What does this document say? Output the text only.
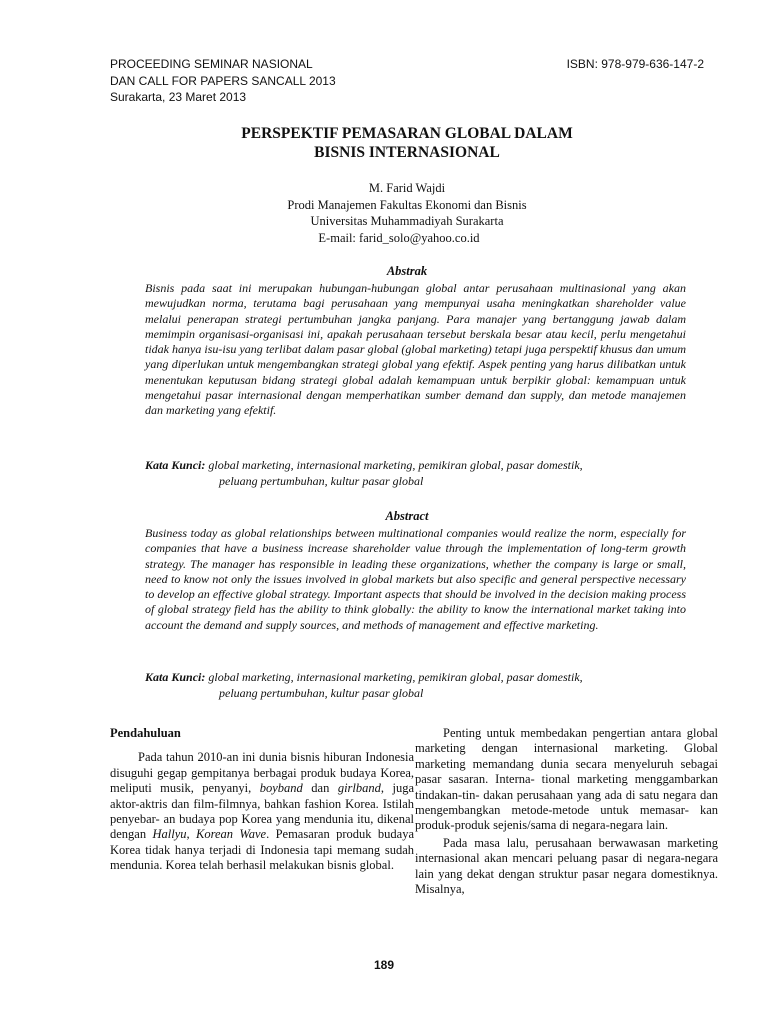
PROCEEDING SEMINAR NASIONAL
DAN CALL FOR PAPERS SANCALL 2013
Surakarta, 23 Maret 2013
ISBN: 978-979-636-147-2
PERSPEKTIF PEMASARAN GLOBAL DALAM
BISNIS INTERNASIONAL
M. Farid Wajdi
Prodi Manajemen Fakultas Ekonomi dan Bisnis
Universitas Muhammadiyah Surakarta
E-mail: farid_solo@yahoo.co.id
Abstrak
Bisnis pada saat ini merupakan hubungan-hubungan global antar perusahaan multinasional yang akan mewujudkan norma, terutama bagi perusahaan yang mempunyai usaha meningkatkan shareholder value melalui penerapan strategi pertumbuhan jangka panjang. Para manajer yang bertanggung jawab dalam memimpin organisasi-organisasi ini, apakah perusahaan tersebut berskala besar atau kecil, perlu mengetahui tidak hanya isu-isu yang terlibat dalam pasar global (global marketing) tetapi juga perspektif khusus dan umum yang diperlukan untuk mengembangkan strategi global yang efektif. Aspek penting yang harus dilibatkan untuk menentukan keputusan bidang strategi global adalah kemampuan untuk berpikir global: kemampuan untuk mengetahui pasar internasional dengan memperhatikan sumber demand dan supply, dan metode manajemen dan marketing yang efektif.
Kata Kunci: global marketing, internasional marketing, pemikiran global, pasar domestik,
peluang pertumbuhan, kultur pasar global
Abstract
Business today as global relationships between multinational companies would realize the norm, especially for companies that have a business increase shareholder value through the implementation of long-term growth strategy. The manager has responsible in leading these organizations, whether the company is large or small, need to know not only the issues involved in global markets but also specific and general perspective necessary to develop an effective global strategy. Important aspects that should be involved in the decision making process of global strategy field has the ability to think globally: the ability to know the international market taking into account the demand and supply sources, and methods of management and effective marketing.
Kata Kunci: global marketing, internasional marketing, pemikiran global, pasar domestik,
peluang pertumbuhan, kultur pasar global
Pendahuluan

Pada tahun 2010-an ini dunia bisnis hiburan Indonesia disuguhi gegap gempitanya berbagai produk budaya Korea, meliputi musik, penyanyi, boyband dan girlband, juga aktor-aktris dan film-filmnya, bahkan fashion Korea. Istilah penyebar- an budaya pop Korea yang mendunia itu, dikenal dengan Hallyu, Korean Wave. Pemasaran produk budaya Korea tidak hanya terjadi di Indonesia tapi memang sudah mendunia. Korea telah berhasil melakukan bisnis global.

Penting untuk membedakan pengertian antara global marketing dengan internasional marketing. Global marketing memandang dunia secara menyeluruh sebagai pasar sasaran. Interna- tional marketing menggambarkan tindakan-tin- dakan perusahaan yang ada di satu negara dan mengembangkan metode-metode untuk memasar- kan produk-produk sejenis/sama di negara-negara lain.

Pada masa lalu, perusahaan berwawasan marketing internasional akan mencari peluang pasar di negara-negara lain yang dekat dengan struktur pasar negara domestiknya. Misalnya,

189
